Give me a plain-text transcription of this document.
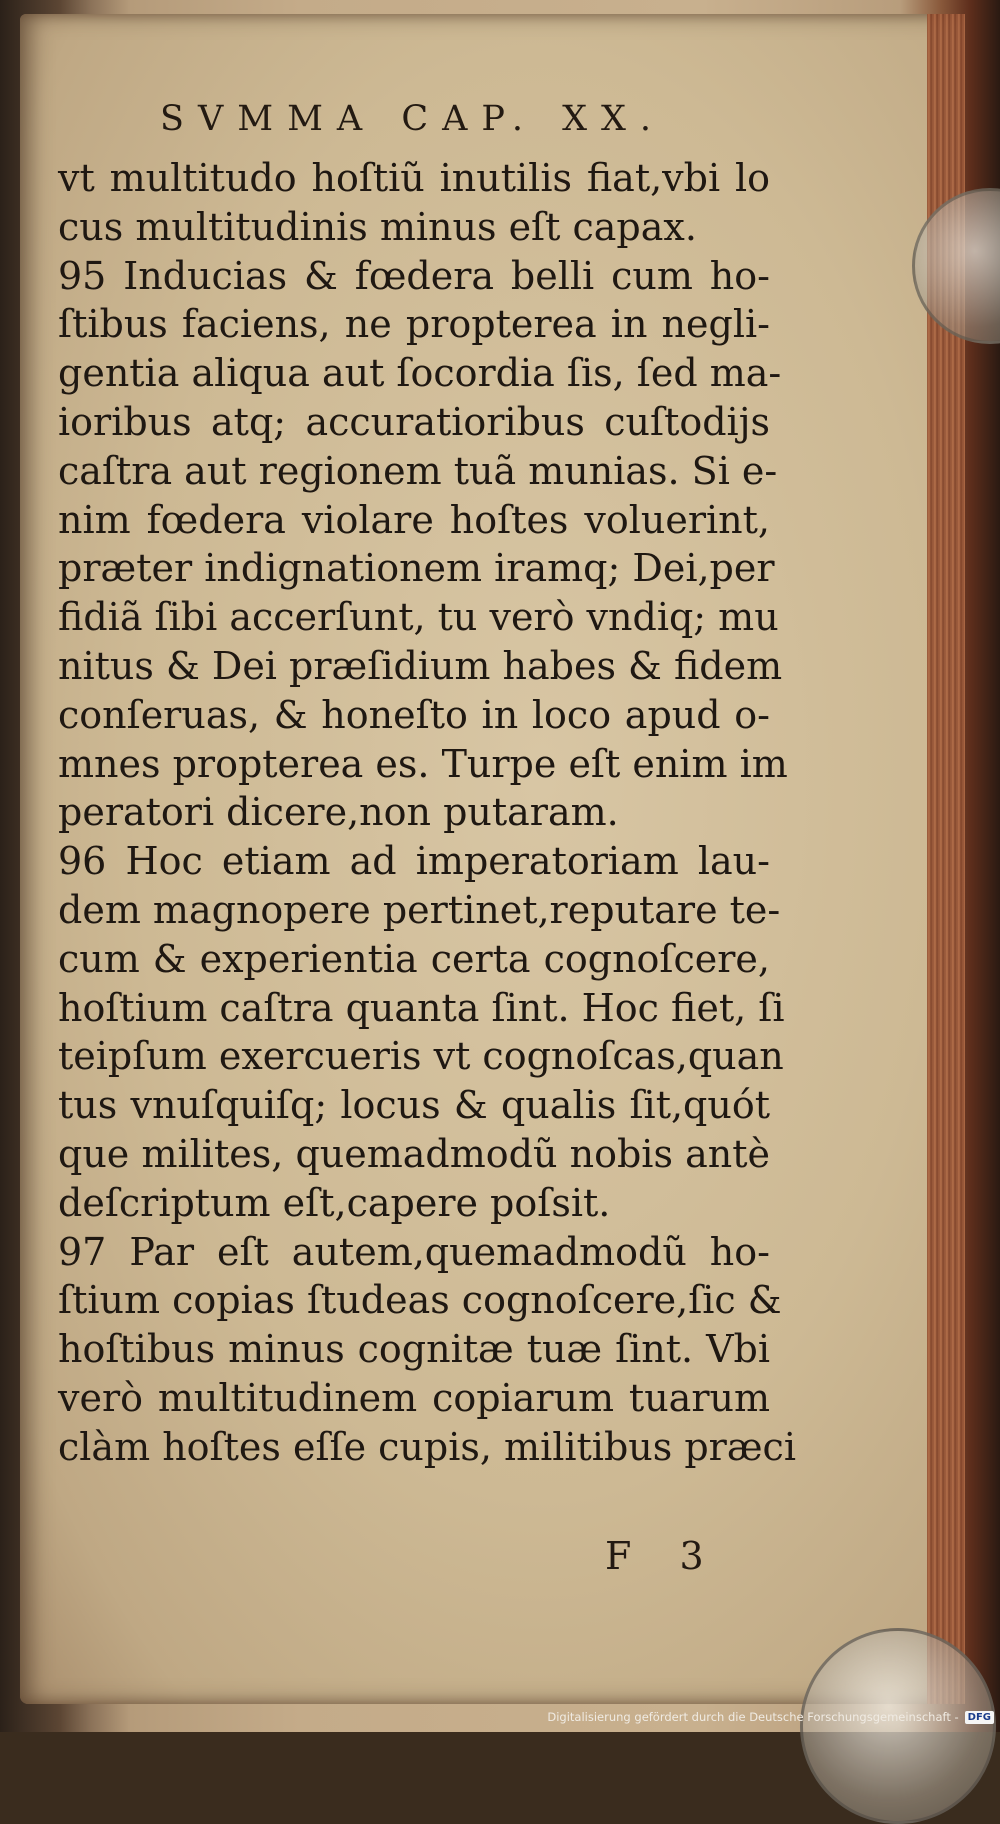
SVMMA CAP. XX.
vt multitudo hoſtiũ inutilis fiat,vbi lo
cus multitudinis minus eſt capax.
95 Inducias & fœdera belli cum ho-
ſtibus faciens, ne propterea in negli-
gentia aliqua aut ſocordia ſis, ſed ma-
ioribus atq; accuratioribus cuſtodijs
caſtra aut regionem tuã munias. Si e-
nim fœdera violare hoſtes voluerint,
præter indignationem iramq; Dei,per
fidiã ſibi accerſunt, tu verò vndiq; mu
nitus & Dei præſidium habes & fidem
conſeruas, & honeſto in loco apud o-
mnes propterea es. Turpe eſt enim im
peratori dicere,non putaram.
96 Hoc etiam ad imperatoriam lau-
dem magnopere pertinet,reputare te-
cum & experientia certa cognoſcere,
hoſtium caſtra quanta ſint. Hoc fiet, ſi
teipſum exercueris vt cognoſcas,quan
tus vnuſquiſq; locus & qualis ſit,quót
que milites, quemadmodũ nobis antè
deſcriptum eſt,capere poſsit.
97 Par eſt autem,quemadmodũ ho-
ſtium copias ſtudeas cognoſcere,ſic &
hoſtibus minus cognitæ tuæ ſint. Vbi
verò multitudinem copiarum tuarum
clàm hoſtes eſſe cupis, militibus præci
F 3
Digitalisierung gefördert durch die Deutsche Forschungsgemeinschaft - DFG
